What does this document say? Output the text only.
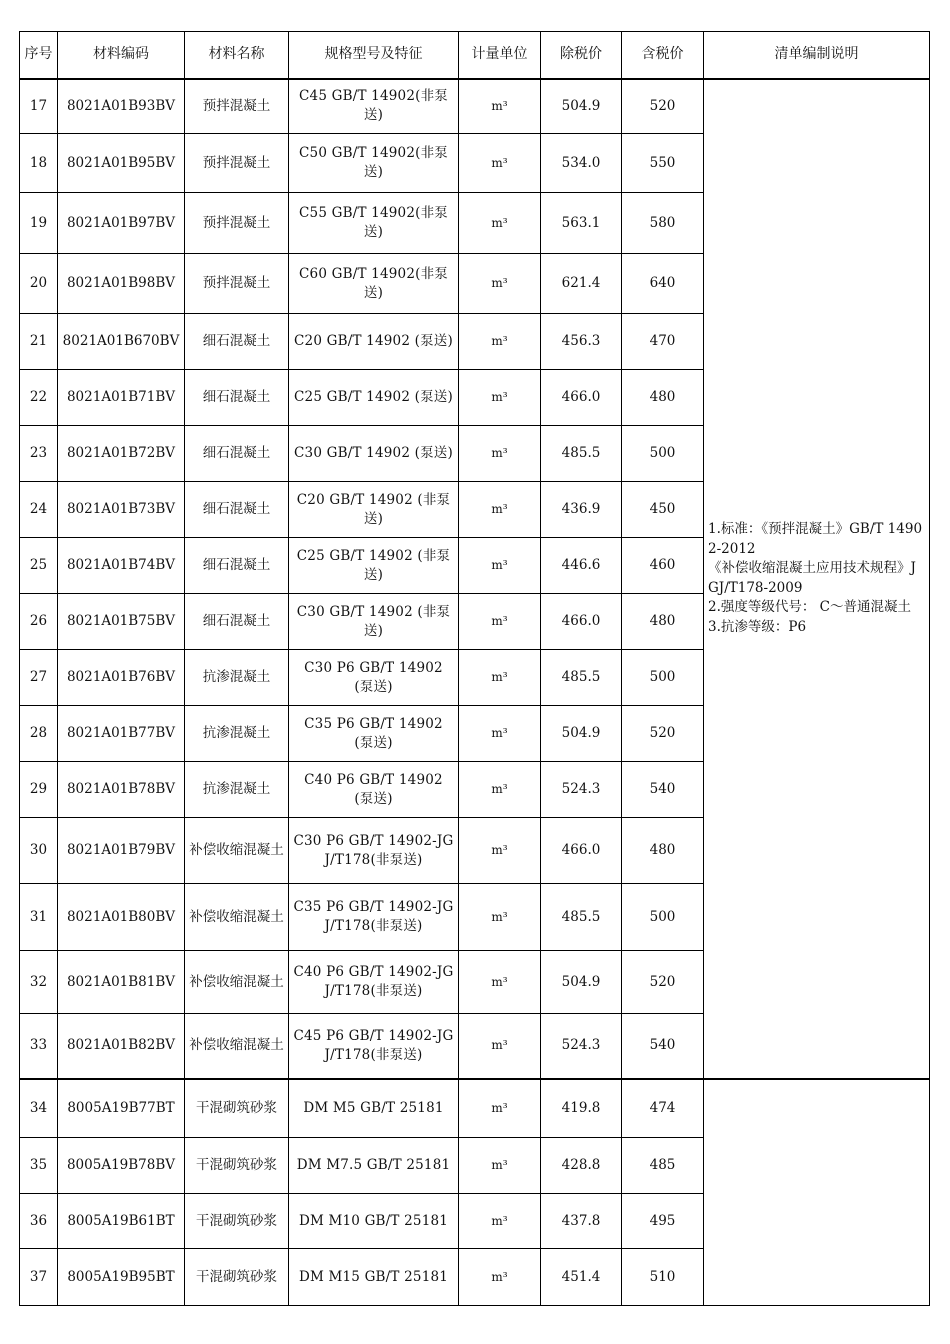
序号	材料编码	材料名称	规格型号及特征	计量单位	除税价	含税价	清单编制说明
17	8021A01B93BV	预拌混凝土	C45 GB/T 14902(非泵送)	m³	504.9	520	1.标准：《预拌混凝土》GB/T 14902-2012
《补偿收缩混凝土应用技术规程》JGJ/T178-2009
2.强度等级代号： C～普通混凝土
3.抗渗等级：P6

18	8021A01B95BV	预拌混凝土	C50 GB/T 14902(非泵送)	m³	534.0	550	
19	8021A01B97BV	预拌混凝土	C55 GB/T 14902(非泵送)	m³	563.1	580	
20	8021A01B98BV	预拌混凝土	C60 GB/T 14902(非泵送)	m³	621.4	640	
21	8021A01B670BV	细石混凝土	C20 GB/T 14902 (泵送)	m³	456.3	470	
22	8021A01B71BV	细石混凝土	C25 GB/T 14902 (泵送)	m³	466.0	480	
23	8021A01B72BV	细石混凝土	C30 GB/T 14902 (泵送)	m³	485.5	500	
24	8021A01B73BV	细石混凝土	C20 GB/T 14902 (非泵送)	m³	436.9	450	
25	8021A01B74BV	细石混凝土	C25 GB/T 14902 (非泵送)	m³	446.6	460	
26	8021A01B75BV	细石混凝土	C30 GB/T 14902 (非泵送)	m³	466.0	480	
27	8021A01B76BV	抗渗混凝土	C30 P6 GB/T 14902 (泵送)	m³	485.5	500	
28	8021A01B77BV	抗渗混凝土	C35 P6 GB/T 14902 (泵送)	m³	504.9	520	
29	8021A01B78BV	抗渗混凝土	C40 P6 GB/T 14902 (泵送)	m³	524.3	540	
30	8021A01B79BV	补偿收缩混凝土	C30 P6 GB/T 14902-JGJ/T178(非泵送)	m³	466.0	480	
31	8021A01B80BV	补偿收缩混凝土	C35 P6 GB/T 14902-JGJ/T178(非泵送)	m³	485.5	500	
32	8021A01B81BV	补偿收缩混凝土	C40 P6 GB/T 14902-JGJ/T178(非泵送)	m³	504.9	520	
33	8021A01B82BV	补偿收缩混凝土	C45 P6 GB/T 14902-JGJ/T178(非泵送)	m³	524.3	540	
34	8005A19B77BT	干混砌筑砂浆	DM M5 GB/T 25181	m³	419.8	474	
35	8005A19B78BV	干混砌筑砂浆	DM M7.5 GB/T 25181	m³	428.8	485	
36	8005A19B61BT	干混砌筑砂浆	DM M10 GB/T 25181	m³	437.8	495	
37	8005A19B95BT	干混砌筑砂浆	DM M15 GB/T 25181	m³	451.4	510	
